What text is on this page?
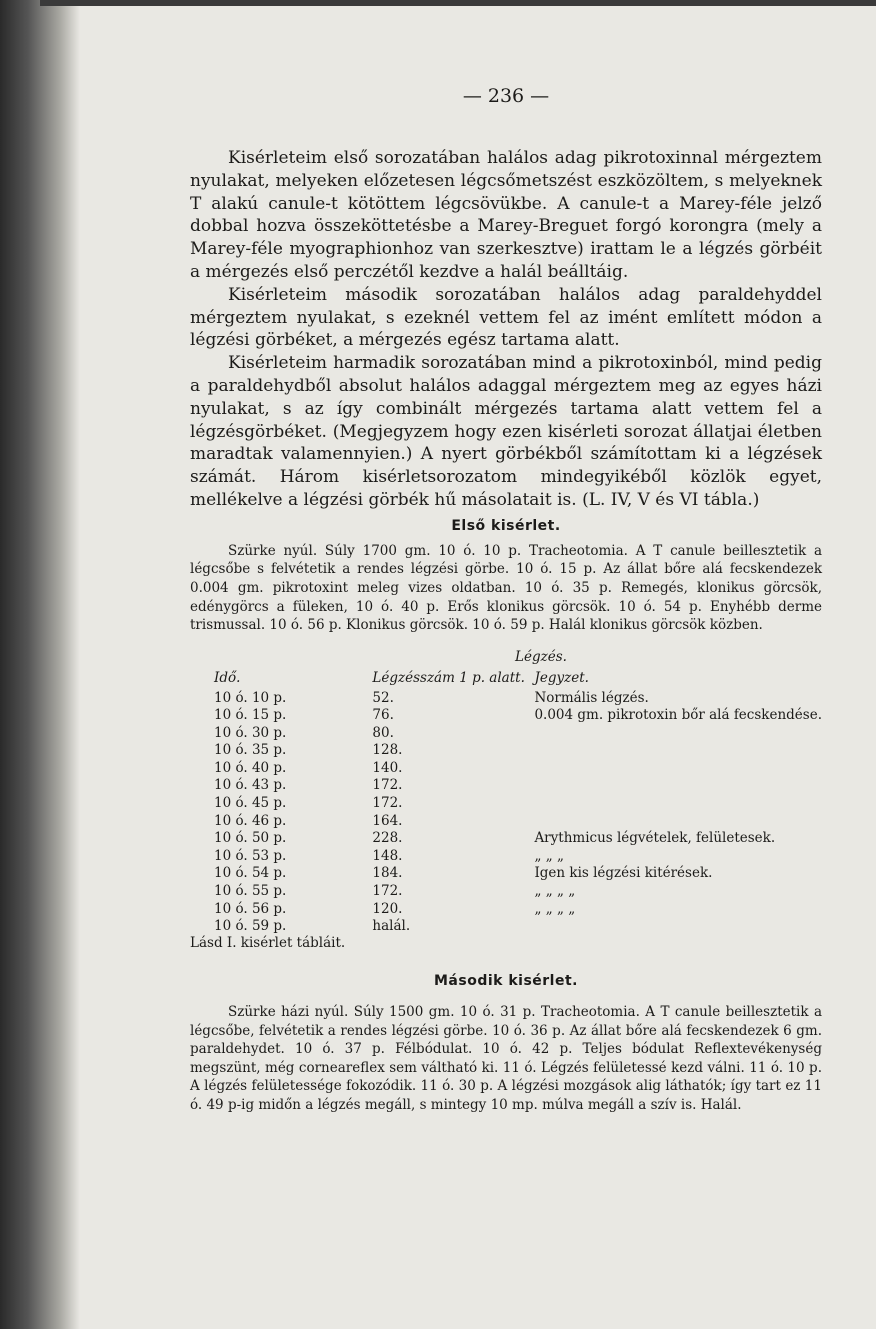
— 236 —

Kisérleteim első sorozatában halálos adag pikrotoxinnal mérgeztem nyulakat, melyeken előzetesen légcsőmetszést eszközöltem, s melyeknek T alakú canule-t kötöttem légcsövükbe. A canule-t a Marey-féle jelző dobbal hozva összeköttetésbe a Marey-Breguet forgó korongra (mely a Marey-féle myographionhoz van szerkesztve) irattam le a légzés görbéit a mérgezés első perczétől kezdve a halál beálltáig.

Kisérleteim második sorozatában halálos adag paraldehyddel mérgeztem nyulakat, s ezeknél vettem fel az imént említett módon a légzési görbéket, a mérgezés egész tartama alatt.

Kisérleteim harmadik sorozatában mind a pikrotoxinból, mind pedig a paraldehydből absolut halálos adaggal mérgeztem meg az egyes házi nyulakat, s az így combinált mérgezés tartama alatt vettem fel a légzésgörbéket. (Megjegyzem hogy ezen kisérleti sorozat állatjai életben maradtak valamennyien.) A nyert görbékből számítottam ki a légzések számát. Három kisérletsorozatom mindegyikéből közlök egyet, mellékelve a légzési görbék hű másolatait is. (L. IV, V és VI tábla.)

Első kisérlet.

Szürke nyúl. Súly 1700 gm. 10 ó. 10 p. Tracheotomia. A T canule beillesztetik a légcsőbe s felvétetik a rendes légzési görbe. 10 ó. 15 p. Az állat bőre alá fecskendezek 0.004 gm. pikrotoxint meleg vizes oldatban. 10 ó. 35 p. Remegés, klonikus görcsök, edénygörcs a füleken, 10 ó. 40 p. Erős klonikus görcsök. 10 ó. 54 p. Enyhébb derme trismussal. 10 ó. 56 p. Klonikus görcsök. 10 ó. 59 p. Halál klonikus görcsök közben.

Légzés.
Idő.	Légzésszám 1 p. alatt.	Jegyzet.
10 ó. 10 p.	52.	Normális légzés.
10 ó. 15 p.	76.	0.004 gm. pikrotoxin bőr alá fecskendése.
10 ó. 30 p.	80.	
10 ó. 35 p.	128.	
10 ó. 40 p.	140.	
10 ó. 43 p.	172.	
10 ó. 45 p.	172.	
10 ó. 46 p.	164.	
10 ó. 50 p.	228.	Arythmicus légvételek, felületesek.
10 ó. 53 p.	148.	„ „ „
10 ó. 54 p.	184.	Igen kis légzési kitérések.
10 ó. 55 p.	172.	„ „ „ „
10 ó. 56 p.	120.	„ „ „ „
10 ó. 59 p.	halál.	
Lásd I. kisérlet tábláit.
Második kisérlet.

Szürke házi nyúl. Súly 1500 gm. 10 ó. 31 p. Tracheotomia. A T canule beillesztetik a légcsőbe, felvétetik a rendes légzési görbe. 10 ó. 36 p. Az állat bőre alá fecskendezek 6 gm. paraldehydet. 10 ó. 37 p. Félbódulat. 10 ó. 42 p. Teljes bódulat Reflextevékenység megszünt, még corneareflex sem váltható ki. 11 ó. Légzés felületessé kezd válni. 11 ó. 10 p. A légzés felületessége fokozódik. 11 ó. 30 p. A légzési mozgások alig láthatók; így tart ez 11 ó. 49 p-ig midőn a légzés megáll, s mintegy 10 mp. múlva megáll a szív is. Halál.
